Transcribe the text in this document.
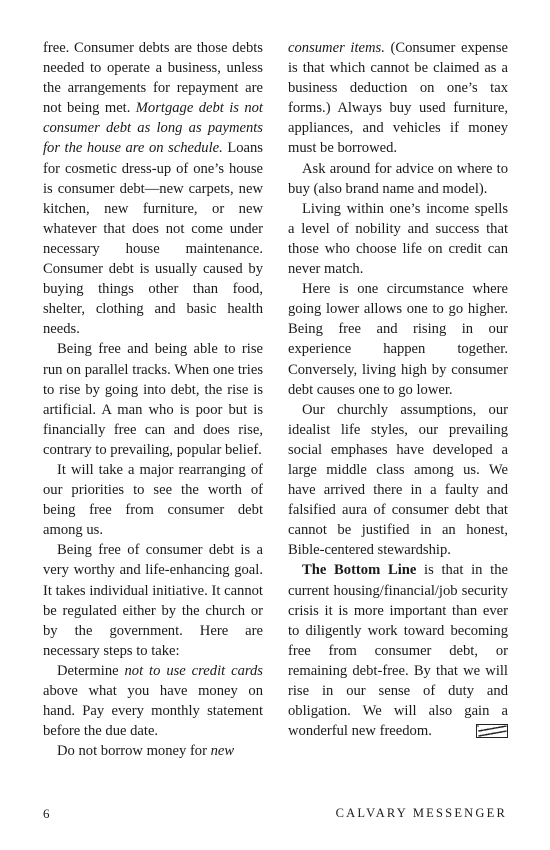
free. Consumer debts are those debts needed to operate a business, unless the arrangements for repayment are not being met. Mortgage debt is not consumer debt as long as payments for the house are on schedule. Loans for cosmetic dress-up of one’s house is consumer debt—new carpets, new kitchen, new furniture, or new whatever that does not come under necessary house maintenance. Consumer debt is usually caused by buying things other than food, shelter, clothing and basic health needs.

Being free and being able to rise run on parallel tracks. When one tries to rise by going into debt, the rise is artificial. A man who is poor but is financially free can and does rise, contrary to prevailing, popular belief.

It will take a major rearranging of our priorities to see the worth of being free from consumer debt among us.

Being free of consumer debt is a very worthy and life-enhancing goal. It takes individual initiative. It cannot be regulated either by the church or by the government. Here are necessary steps to take:

Determine not to use credit cards above what you have money on hand. Pay every monthly statement before the due date.

Do not borrow money for new

consumer items. (Consumer expense is that which cannot be claimed as a business deduction on one’s tax forms.) Always buy used furniture, appliances, and vehicles if money must be borrowed.

Ask around for advice on where to buy (also brand name and model).

Living within one’s income spells a level of nobility and success that those who choose life on credit can never match.

Here is one circumstance where going lower allows one to go higher. Being free and rising in our experience happen together. Conversely, living high by consumer debt causes one to go lower.

Our churchly assumptions, our idealist life styles, our prevailing social emphases have developed a large middle class among us. We have arrived there in a faulty and falsified aura of consumer debt that cannot be justified in an honest, Bible-centered stewardship.

The Bottom Line is that in the current housing/financial/job security crisis it is more important than ever to diligently work toward becoming free from consumer debt, or remaining debt-free. By that we will rise in our sense of duty and obligation. We will also gain a wonderful new freedom.

6	CALVARY MESSENGER
